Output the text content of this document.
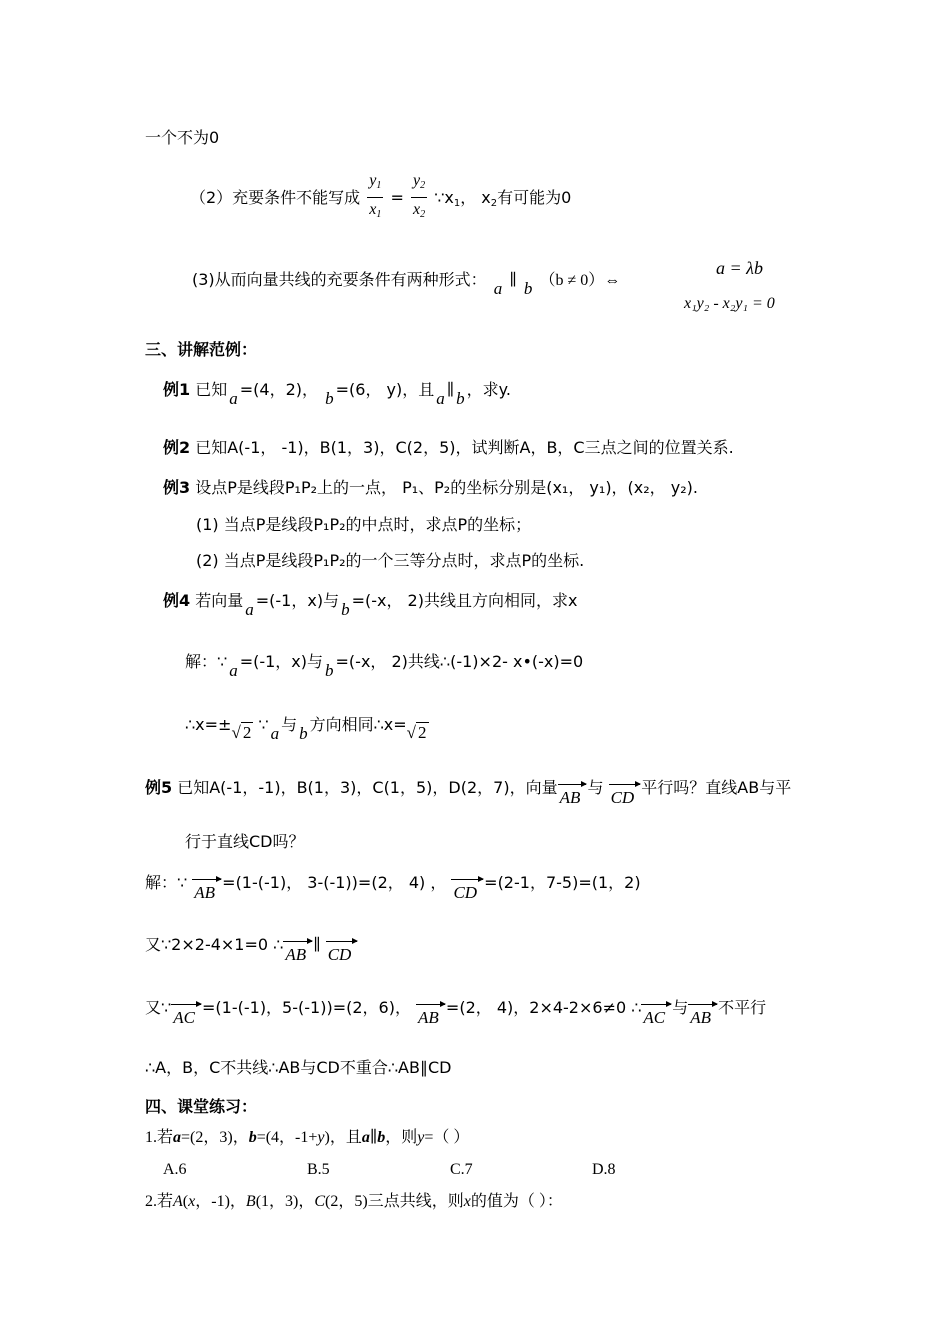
一个不为0
（2）充要条件不能写成 $\frac{y_1}{x_1} = \frac{y_2}{x_2}$ $\because x_1$， $x_2$有可能为0
(3)从而向量共线的充要条件有两种形式： a ∥ b （b ≠ 0）⇔
a = λb
x₁y₂ - x₂y₁ = 0
三、讲解范例：
例1 已知 a =(4，2)， b =(6， y)，且 a ∥ b ，求y.
例2 已知A(-1， -1)，B(1，3)，C(2，5)，试判断A，B，C三点之间的位置关系.
例3 设点P是线段P₁P₂上的一点， P₁、P₂的坐标分别是(x₁， y₁)，(x₂， y₂).
(1) 当点P是线段P₁P₂的中点时，求点P的坐标；
(2) 当点P是线段P₁P₂的一个三等分点时，求点P的坐标.
例4 若向量 a =(-1，x)与 b =(-x， 2)共线且方向相同，求x
解：∵ a =(-1，x)与 b =(-x， 2)共线∴(-1)×2- x•(-x)=0
∴x=±√ 2 ∵ a 与 b 方向相同∴x=√ 2
例5 已知A(-1，-1)，B(1，3)，C(1，5)，D(2，7)，向量AB 与 CD 平行吗？直线AB与平
行于直线CD吗？
解：∵ AB =(1-(-1)， 3-(-1))=(2， 4) ， CD =(2-1，7-5)=(1，2)
又∵2×2-4×1=0 ∴AB ∥ CD
又∵AC =(1-(-1)，5-(-1))=(2，6)， AB =(2， 4)，2×4-2×6≠0 ∴AC 与AB 不平行
∴A，B，C不共线∴AB与CD不重合∴AB∥CD
四、课堂练习：
1.若a=(2，3)，b=(4，-1+y)，且a∥b，则y=（ ）
A.6	B.5	C.7	D.8
2.若A(x，-1)，B(1，3)，C(2，5)三点共线，则x的值为（ ）：
